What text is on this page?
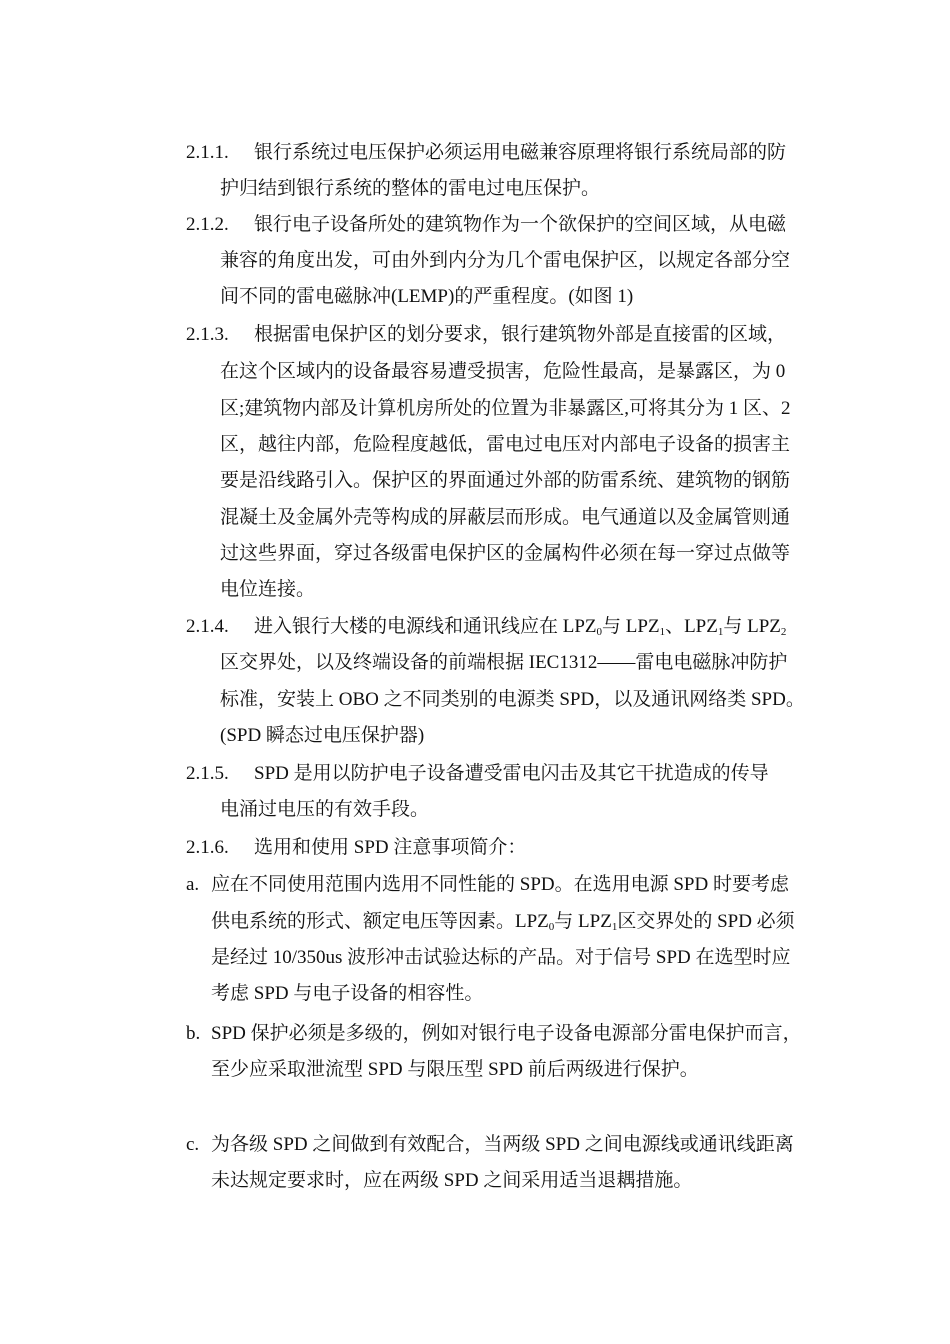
2.1.1. 银行系统过电压保护必须运用电磁兼容原理将银行系统局部的防
护归结到银行系统的整体的雷电过电压保护。
2.1.2. 银行电子设备所处的建筑物作为一个欲保护的空间区域，从电磁
兼容的角度出发，可由外到内分为几个雷电保护区，以规定各部分空
间不同的雷电磁脉冲(LEMP)的严重程度。(如图 1)
2.1.3. 根据雷电保护区的划分要求，银行建筑物外部是直接雷的区域，
在这个区域内的设备最容易遭受损害，危险性最高，是暴露区，为 0
区;建筑物内部及计算机房所处的位置为非暴露区,可将其分为 1 区、2
区，越往内部，危险程度越低，雷电过电压对内部电子设备的损害主
要是沿线路引入。保护区的界面通过外部的防雷系统、建筑物的钢筋
混凝土及金属外壳等构成的屏蔽层而形成。电气通道以及金属管则通
过这些界面，穿过各级雷电保护区的金属构件必须在每一穿过点做等
电位连接。
2.1.4. 进入银行大楼的电源线和通讯线应在 $LPZ_0$与 $LPZ_1$、$LPZ_1$与 $LPZ_2$
区交界处，以及终端设备的前端根据 IEC1312——雷电电磁脉冲防护
标准，安装上 OBO 之不同类别的电源类 SPD，以及通讯网络类 SPD。
(SPD 瞬态过电压保护器)
2.1.5. SPD 是用以防护电子设备遭受雷电闪击及其它干扰造成的传导
电涌过电压的有效手段。
2.1.6. 选用和使用 SPD 注意事项简介：
a. 应在不同使用范围内选用不同性能的 SPD。在选用电源 SPD 时要考虑
供电系统的形式、额定电压等因素。$LPZ_0$与 $LPZ_1$区交界处的 SPD 必须
是经过 10/350us 波形冲击试验达标的产品。对于信号 SPD 在选型时应
考虑 SPD 与电子设备的相容性。
b. SPD 保护必须是多级的，例如对银行电子设备电源部分雷电保护而言，
至少应采取泄流型 SPD 与限压型 SPD 前后两级进行保护。
c. 为各级 SPD 之间做到有效配合，当两级 SPD 之间电源线或通讯线距离
未达规定要求时，应在两级 SPD 之间采用适当退耦措施。
